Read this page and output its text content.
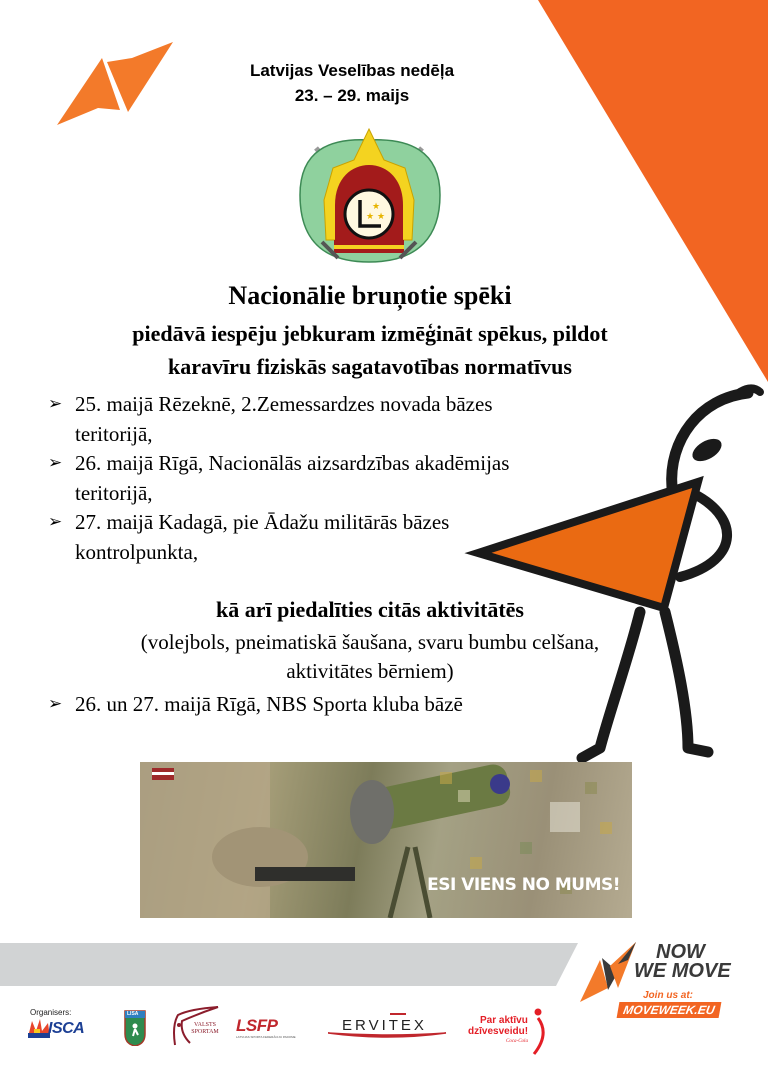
★
★ ★
Latvijas Veselības nedēļa
23. – 29. maijs
Nacionālie bruņotie spēki
piedāvā iespēju jebkuram izmēģināt spēkus, pildot
karavīru fiziskās sagatavotības normatīvus
➢ 25. maijā Rēzeknē, 2.Zemessardzes novada bāzes
teritorijā,
➢ 26. maijā Rīgā, Nacionālās aizsardzības akadēmijas
teritorijā,
➢ 27. maijā Kadagā, pie Ādažu militārās bāzes
kontrolpunkta,
kā arī piedalīties citās aktivitātēs
(volejbols, pneimatiskā šaušana, svaru bumbu celšana,
aktivitātes bērniem)
➢ 26. un 27. maijā Rīgā, NBS Sporta kluba bāzē
ESI VIENS NO MUMS!
NOW
WE MOVE
Join us at:
MOVEWEEK.EU
Organisers:
ISCA
LISA
VALSTS
SPORTAM	LSFP
LATVIJAS SPORTA FEDERĀCIJU PADOME
ERVITEX	Par aktīvu
dzīvesveidu!
Coca-Cola
